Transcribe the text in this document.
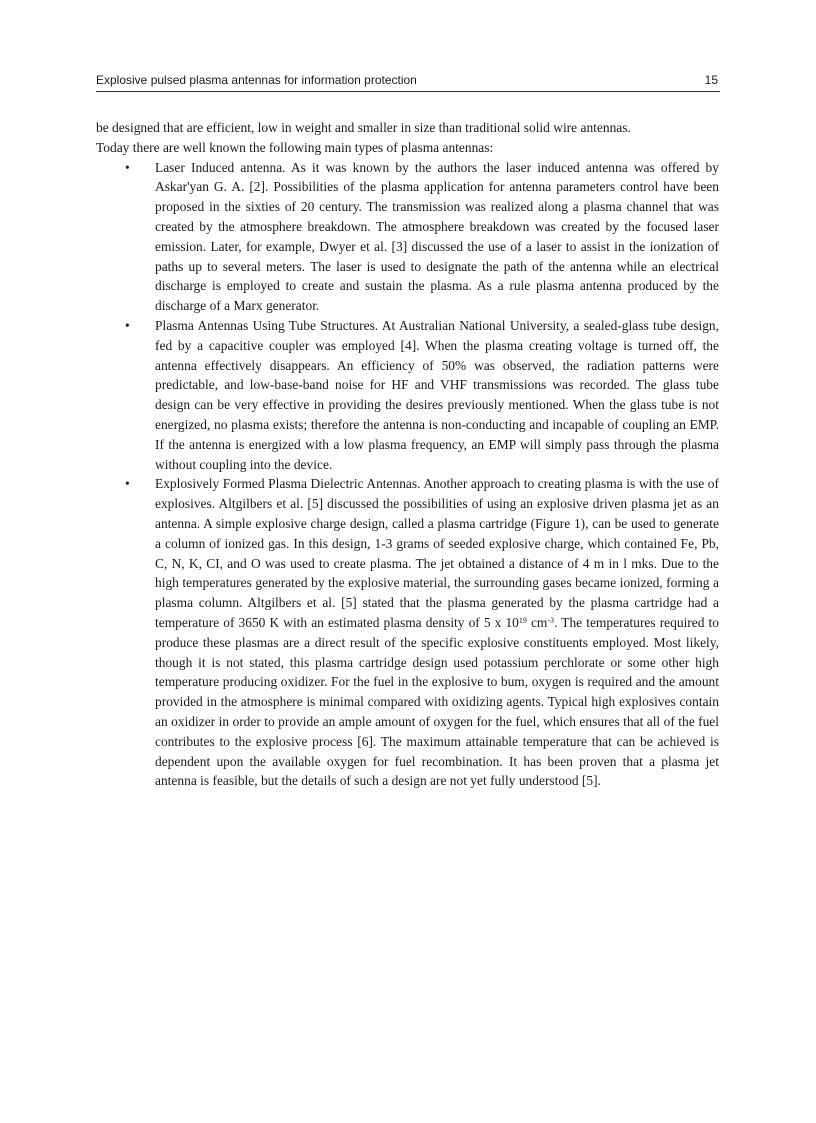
Explosive pulsed plasma antennas for information protection	15

be designed that are efficient, low in weight and smaller in size than traditional solid wire antennas.

Today there are well known the following main types of plasma antennas:

• Laser Induced antenna. As it was known by the authors the laser induced antenna was offered by Askar'yan G. A. [2]. Possibilities of the plasma application for antenna parameters control have been proposed in the sixties of 20 century. The transmission was realized along a plasma channel that was created by the atmosphere breakdown. The atmosphere breakdown was created by the focused laser emission. Later, for example, Dwyer et al. [3] discussed the use of a laser to assist in the ionization of paths up to several meters. The laser is used to designate the path of the antenna while an electrical discharge is employed to create and sustain the plasma. As a rule plasma antenna produced by the discharge of a Marx generator.

• Plasma Antennas Using Tube Structures. At Australian National University, a sealed-glass tube design, fed by a capacitive coupler was employed [4]. When the plasma creating voltage is turned off, the antenna effectively disappears. An efficiency of 50% was observed, the radiation patterns were predictable, and low-base-band noise for HF and VHF transmissions was recorded. The glass tube design can be very effective in providing the desires previously mentioned. When the glass tube is not energized, no plasma exists; therefore the antenna is non-conducting and incapable of coupling an EMP. If the antenna is energized with a low plasma frequency, an EMP will simply pass through the plasma without coupling into the device.

• Explosively Formed Plasma Dielectric Antennas. Another approach to creating plasma is with the use of explosives. Altgilbers et al. [5] discussed the possibilities of using an explosive driven plasma jet as an antenna. A simple explosive charge design, called a plasma cartridge (Figure 1), can be used to generate a column of ionized gas. In this design, 1-3 grams of seeded explosive charge, which contained Fe, Pb, C, N, K, CI, and O was used to create plasma. The jet obtained a distance of 4 m in l mks. Due to the high temperatures generated by the explosive material, the surrounding gases became ionized, forming a plasma column. Altgilbers et al. [5] stated that the plasma generated by the plasma cartridge had a temperature of 3650 K with an estimated plasma density of 5 x $10^{19}$ $cm^{-3}$. The temperatures required to produce these plasmas are a direct result of the specific explosive constituents employed. Most likely, though it is not stated, this plasma cartridge design used potassium perchlorate or some other high temperature producing oxidizer. For the fuel in the explosive to bum, oxygen is required and the amount provided in the atmosphere is minimal compared with oxidizing agents. Typical high explosives contain an oxidizer in order to provide an ample amount of oxygen for the fuel, which ensures that all of the fuel contributes to the explosive process [6]. The maximum attainable temperature that can be achieved is dependent upon the available oxygen for fuel recombination. It has been proven that a plasma jet antenna is feasible, but the details of such a design are not yet fully understood [5].
